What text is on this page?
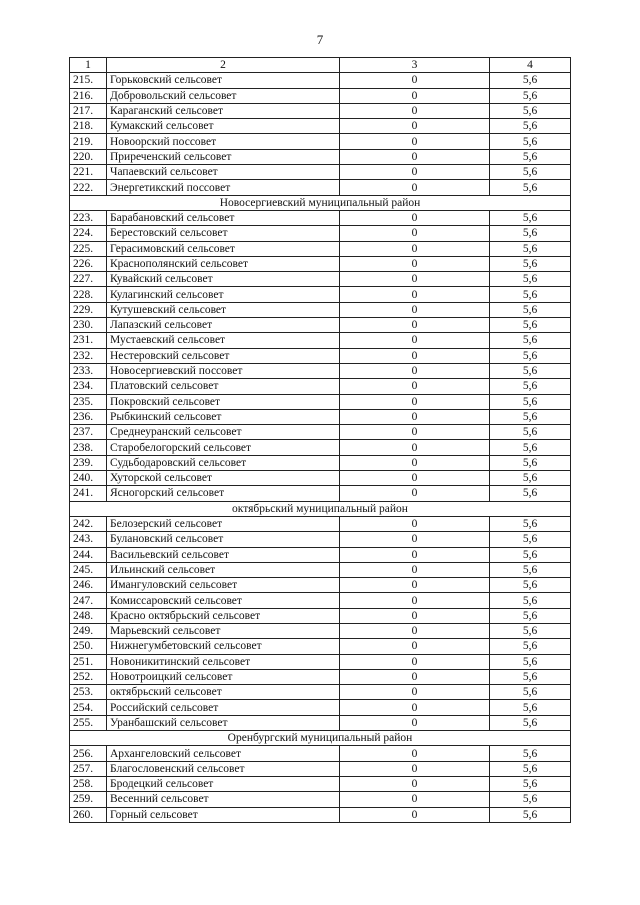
7
1	2	3	4
215.	Горьковский сельсовет	0	5,6
216.	Добровольский сельсовет	0	5,6
217.	Караганский сельсовет	0	5,6
218.	Кумакский сельсовет	0	5,6
219.	Новоорский поссовет	0	5,6
220.	Приреченский сельсовет	0	5,6
221.	Чапаевский сельсовет	0	5,6
222.	Энергетикский поссовет	0	5,6
Новосергиевский муниципальный район			
223.	Барабановский сельсовет	0	5,6
224.	Берестовский сельсовет	0	5,6
225.	Герасимовский сельсовет	0	5,6
226.	Краснополянский сельсовет	0	5,6
227.	Кувайский сельсовет	0	5,6
228.	Кулагинский сельсовет	0	5,6
229.	Кутушевский сельсовет	0	5,6
230.	Лапазский сельсовет	0	5,6
231.	Мустаевский сельсовет	0	5,6
232.	Нестеровский сельсовет	0	5,6
233.	Новосергиевский поссовет	0	5,6
234.	Платовский сельсовет	0	5,6
235.	Покровский сельсовет	0	5,6
236.	Рыбкинский сельсовет	0	5,6
237.	Среднеуранский сельсовет	0	5,6
238.	Старобелогорский сельсовет	0	5,6
239.	Судьбодаровский сельсовет	0	5,6
240.	Хуторской сельсовет	0	5,6
241.	Ясногорский сельсовет	0	5,6
октябрьский муниципальный район			
242.	Белозерский сельсовет	0	5,6
243.	Булановский сельсовет	0	5,6
244.	Васильевский сельсовет	0	5,6
245.	Ильинский сельсовет	0	5,6
246.	Имангуловский сельсовет	0	5,6
247.	Комиссаровский сельсовет	0	5,6
248.	Красно октябрьский сельсовет	0	5,6
249.	Марьевский сельсовет	0	5,6
250.	Нижнегумбетовский сельсовет	0	5,6
251.	Новоникитинский сельсовет	0	5,6
252.	Новотроицкий сельсовет	0	5,6
253.	октябрьский сельсовет	0	5,6
254.	Российский сельсовет	0	5,6
255.	Уранбашский сельсовет	0	5,6
Оренбургский муниципальный район			
256.	Архангеловский сельсовет	0	5,6
257.	Благословенский сельсовет	0	5,6
258.	Бродецкий сельсовет	0	5,6
259.	Весенний сельсовет	0	5,6
260.	Горный сельсовет	0	5,6
